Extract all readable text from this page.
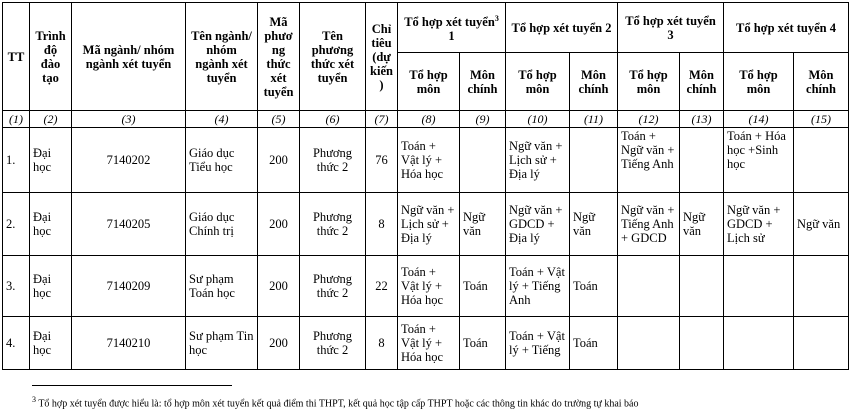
TT	Trình độ đào tạo	Mã ngành/ nhóm ngành xét tuyển	Tên ngành/ nhóm ngành xét tuyển	Mã phương thức xét tuyển	Tên phương thức xét tuyển	Chỉ tiêu (dự kiến)	Tổ hợp xét tuyển$^3$ 1		Tổ hợp xét tuyển 2		Tổ hợp xét tuyển 3		Tổ hợp xét tuyển 4	
							Tổ hợp môn	Môn chính	Tổ hợp môn	Môn chính	Tổ hợp môn	Môn chính	Tổ hợp môn	Môn chính
(1)	(2)	(3)	(4)	(5)	(6)	(7)	(8)	(9)	(10)	(11)	(12)	(13)	(14)	(15)
1.	Đại học	7140202	Giáo dục Tiểu học	200	Phương thức 2	76	Toán + Vật lý + Hóa học		Ngữ văn + Lịch sử + Địa lý		Toán + Ngữ văn + Tiếng Anh		Toán + Hóa học +Sinh học	
2.	Đại học	7140205	Giáo dục Chính trị	200	Phương thức 2	8	Ngữ văn + Lịch sử + Địa lý	Ngữ văn	Ngữ văn + GDCD + Địa lý	Ngữ văn	Ngữ văn + Tiếng Anh + GDCD	Ngữ văn	Ngữ văn + GDCD + Lịch sử	Ngữ văn
3.	Đại học	7140209	Sư phạm Toán học	200	Phương thức 2	22	Toán + Vật lý + Hóa học	Toán	Toán + Vật lý + Tiếng Anh	Toán				
4.	Đại học	7140210	Sư phạm Tin học	200	Phương thức 2	8	Toán + Vật lý + Hóa học	Toán	Toán + Vật lý + Tiếng	Toán				
$^3$ Tổ hợp xét tuyển được hiểu là: tổ hợp môn xét tuyển kết quả điểm thi THPT, kết quả học tập cấp THPT hoặc các thông tin khác do trường tự khai báo
